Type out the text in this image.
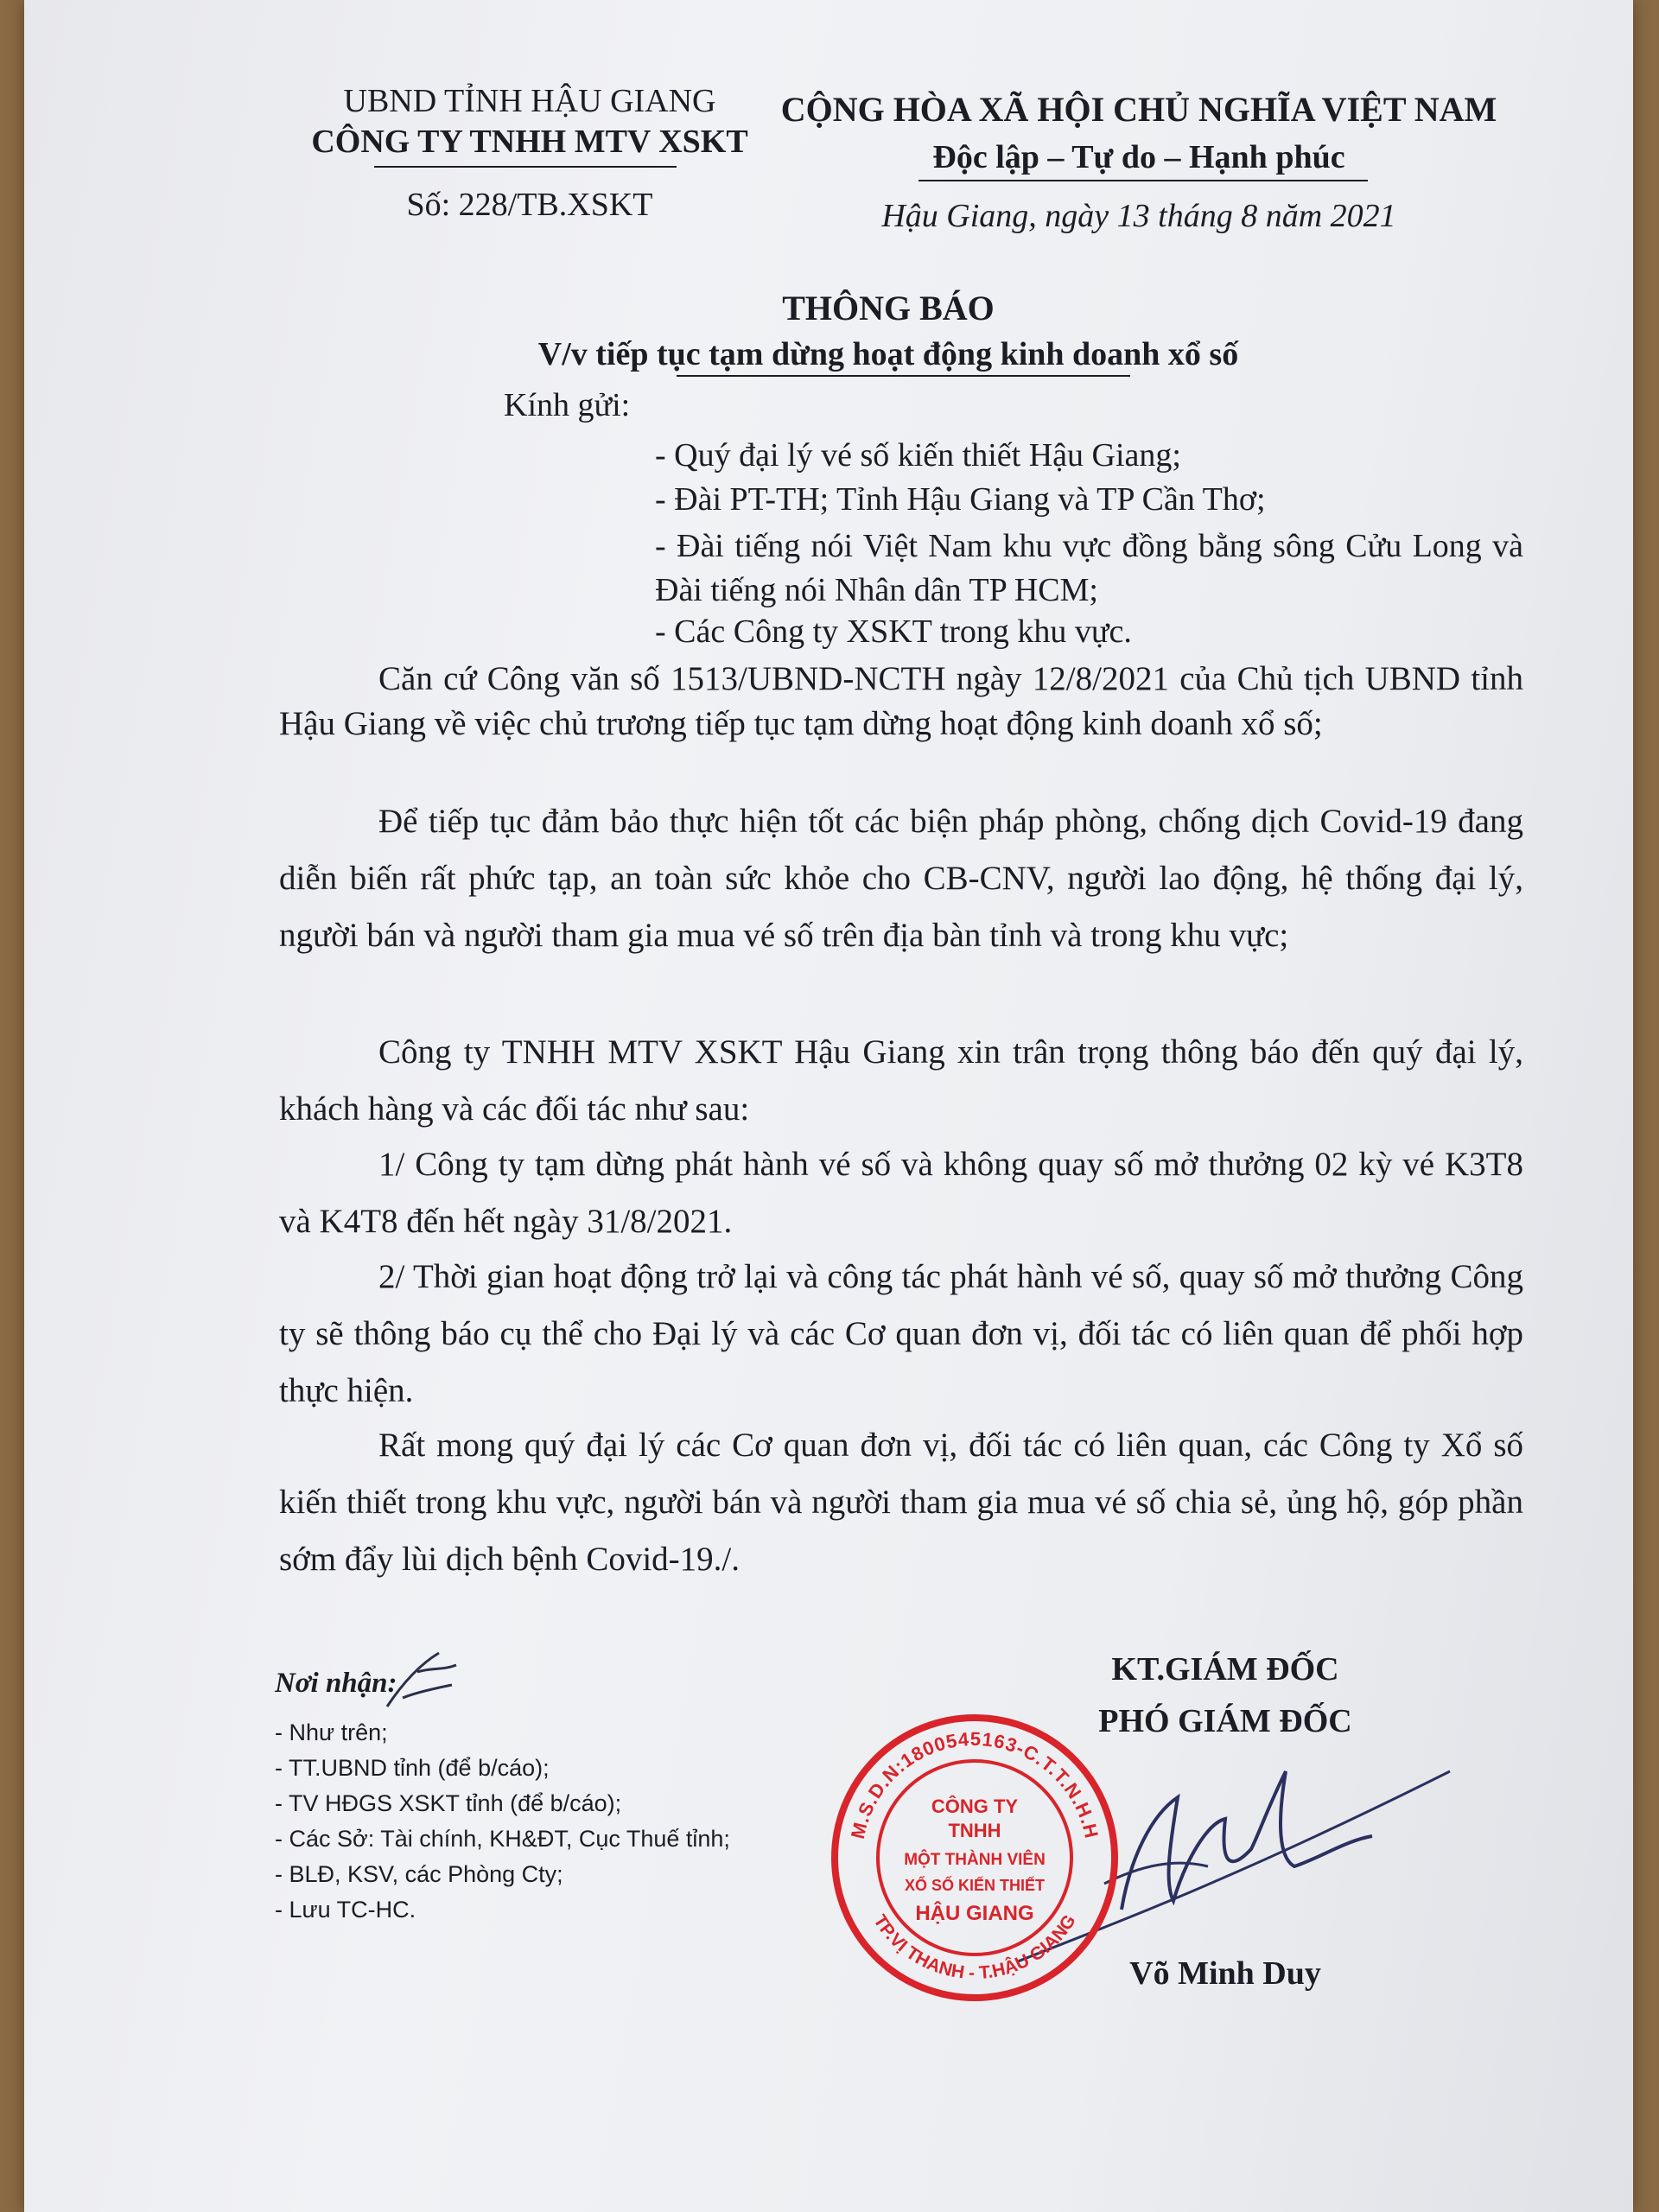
UBND TỈNH HẬU GIANG
CÔNG TY TNHH MTV XSKT
Số: 228/TB.XSKT
CỘNG HÒA XÃ HỘI CHỦ NGHĨA VIỆT NAM
Độc lập – Tự do – Hạnh phúc
Hậu Giang, ngày 13 tháng 8 năm 2021
THÔNG BÁO
V/v tiếp tục tạm dừng hoạt động kinh doanh xổ số
Kính gửi:
- Quý đại lý vé số kiến thiết Hậu Giang;
- Đài PT-TH; Tỉnh Hậu Giang và TP Cần Thơ;
- Đài tiếng nói Việt Nam khu vực đồng bằng sông Cửu Long và Đài tiếng nói Nhân dân TP HCM;
- Các Công ty XSKT trong khu vực.

Căn cứ Công văn số 1513/UBND-NCTH ngày 12/8/2021 của Chủ tịch UBND tỉnh Hậu Giang về việc chủ trương tiếp tục tạm dừng hoạt động kinh doanh xổ số;

Để tiếp tục đảm bảo thực hiện tốt các biện pháp phòng, chống dịch Covid-19 đang diễn biến rất phức tạp, an toàn sức khỏe cho CB-CNV, người lao động, hệ thống đại lý, người bán và người tham gia mua vé số trên địa bàn tỉnh và trong khu vực;

Công ty TNHH MTV XSKT Hậu Giang xin trân trọng thông báo đến quý đại lý, khách hàng và các đối tác như sau:

1/ Công ty tạm dừng phát hành vé số và không quay số mở thưởng 02 kỳ vé K3T8 và K4T8 đến hết ngày 31/8/2021.

2/ Thời gian hoạt động trở lại và công tác phát hành vé số, quay số mở thưởng Công ty sẽ thông báo cụ thể cho Đại lý và các Cơ quan đơn vị, đối tác có liên quan để phối hợp thực hiện.

Rất mong quý đại lý các Cơ quan đơn vị, đối tác có liên quan, các Công ty Xổ số kiến thiết trong khu vực, người bán và người tham gia mua vé số chia sẻ, ủng hộ, góp phần sớm đẩy lùi dịch bệnh Covid-19./.

Nơi nhận:
- Như trên;
- TT.UBND tỉnh (để b/cáo);
- TV HĐGS XSKT tỉnh (để b/cáo);
- Các Sở: Tài chính, KH&ĐT, Cục Thuế tỉnh;
- BLĐ, KSV, các Phòng Cty;
- Lưu TC-HC.
KT.GIÁM ĐỐC
PHÓ GIÁM ĐỐC
M.S.D.N:1800545163-C.T.T.N.H.H
TP.VỊ THANH - T.HẬU GIANG
CÔNG TY
TNHH
MỘT THÀNH VIÊN
XỔ SỐ KIẾN THIẾT
HẬU GIANG
Võ Minh Duy
